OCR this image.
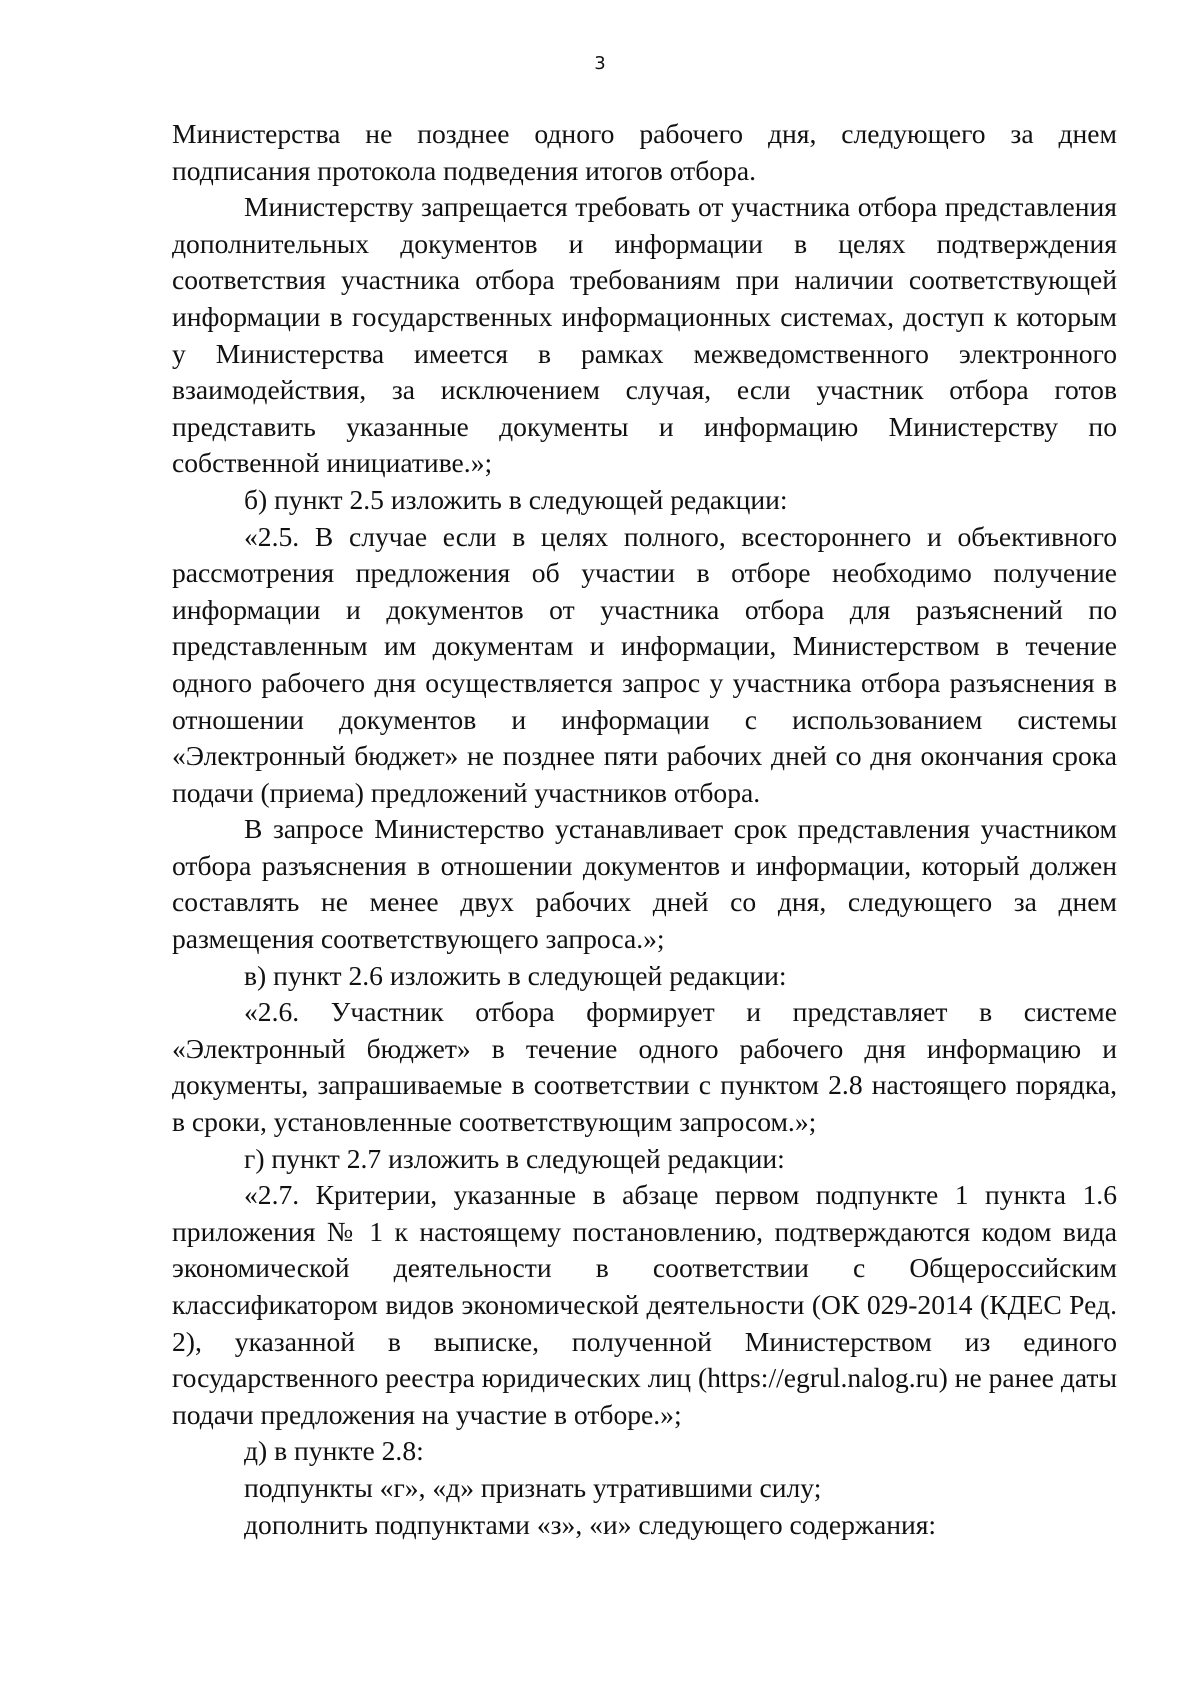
3

Министерства не позднее одного рабочего дня, следующего за днем подписания протокола подведения итогов отбора.

Министерству запрещается требовать от участника отбора представления дополнительных документов и информации в целях подтверждения соответствия участника отбора требованиям при наличии соответствующей информации в государственных информационных системах, доступ к которым у Министерства имеется в рамках межведомственного электронного взаимодействия, за исключением случая, если участник отбора готов представить указанные документы и информацию Министерству по собственной инициативе.»;

б) пункт 2.5 изложить в следующей редакции:

«2.5. В случае если в целях полного, всестороннего и объективного рассмотрения предложения об участии в отборе необходимо получение информации и документов от участника отбора для разъяснений по представленным им документам и информации, Министерством в течение одного рабочего дня осуществляется запрос у участника отбора разъяснения в отношении документов и информации с использованием системы «Электронный бюджет» не позднее пяти рабочих дней со дня окончания срока подачи (приема) предложений участников отбора.

В запросе Министерство устанавливает срок представления участником отбора разъяснения в отношении документов и информации, который должен составлять не менее двух рабочих дней со дня, следующего за днем размещения соответствующего запроса.»;

в) пункт 2.6 изложить в следующей редакции:

«2.6. Участник отбора формирует и представляет в системе «Электронный бюджет» в течение одного рабочего дня информацию и документы, запрашиваемые в соответствии с пунктом 2.8 настоящего порядка, в сроки, установленные соответствующим запросом.»;

г) пункт 2.7 изложить в следующей редакции:

«2.7. Критерии, указанные в абзаце первом подпункте 1 пункта 1.6 приложения № 1 к настоящему постановлению, подтверждаются кодом вида экономической деятельности в соответствии с Общероссийским классификатором видов экономической деятельности (ОК 029-2014 (КДЕС Ред. 2), указанной в выписке, полученной Министерством из единого государственного реестра юридических лиц (https://egrul.nalog.ru) не ранее даты подачи предложения на участие в отборе.»;

д) в пункте 2.8:

подпункты «г», «д» признать утратившими силу;

дополнить подпунктами «з», «и» следующего содержания:
